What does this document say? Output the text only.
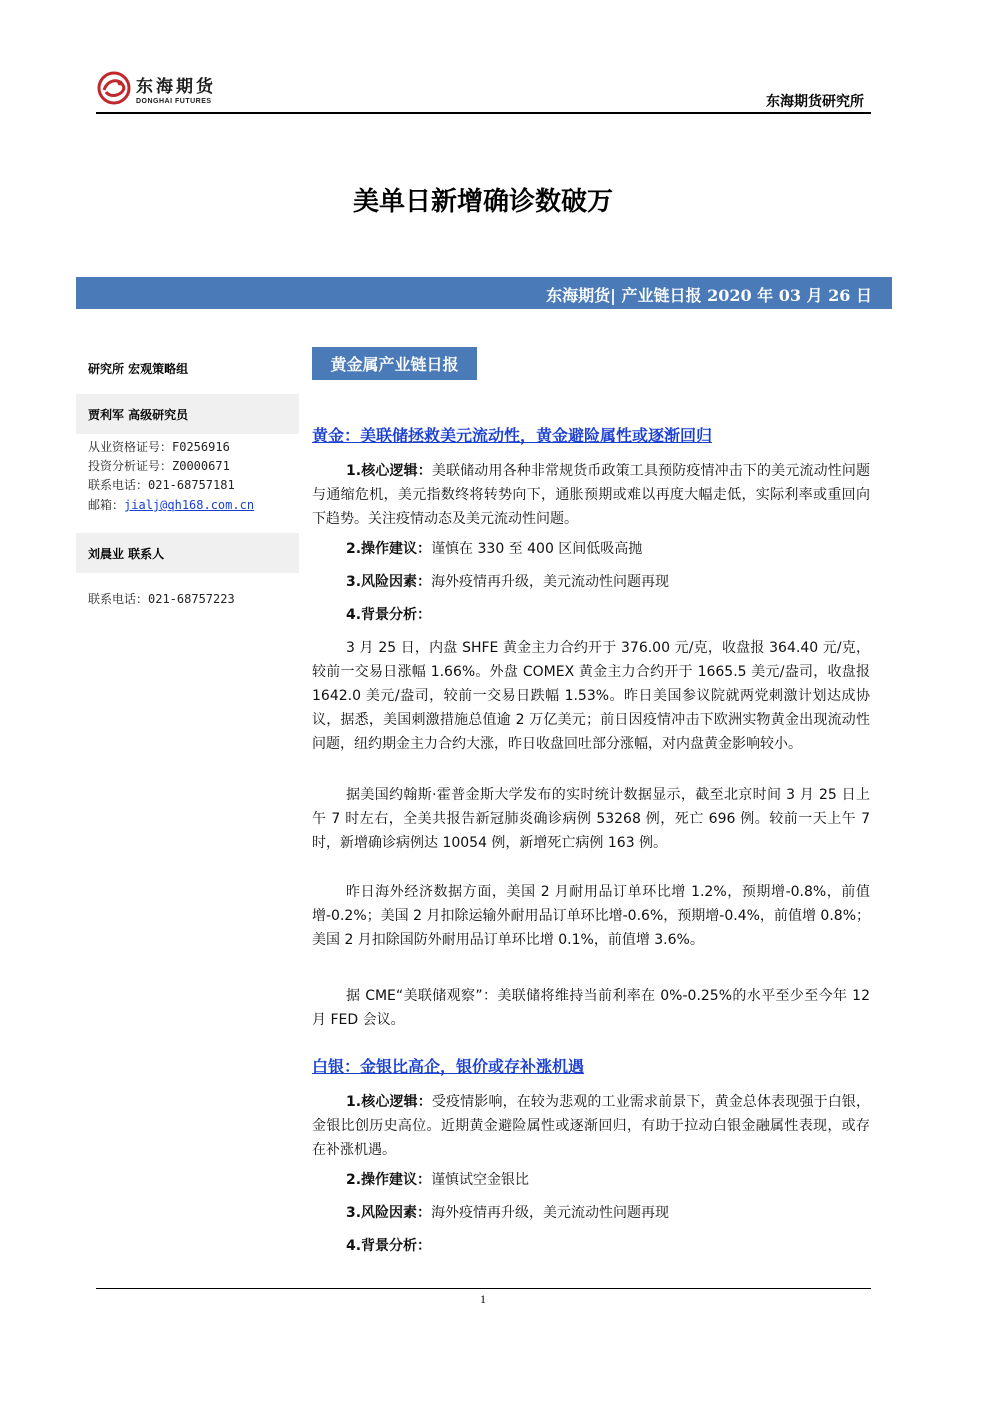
东海期货
DONGHAI FUTURES	东海期货研究所
美单日新增确诊数破万
东海期货| 产业链日报 2020 年 03 月 26 日
研究所 宏观策略组
贾利军 高级研究员
从业资格证号：F0256916
投资分析证号：Z0000671
联系电话：021-68757181
邮箱：jialj@qh168.com.cn
刘晨业 联系人
联系电话：021-68757223
黄金属产业链日报
黄金：美联储拯救美元流动性，黄金避险属性或逐渐回归
1.核心逻辑：美联储动用各种非常规货币政策工具预防疫情冲击下的美元流动性问题与通缩危机，美元指数终将转势向下，通胀预期或难以再度大幅走低，实际利率或重回向下趋势。关注疫情动态及美元流动性问题。
2.操作建议：谨慎在 330 至 400 区间低吸高抛
3.风险因素：海外疫情再升级，美元流动性问题再现
4.背景分析：
3 月 25 日，内盘 SHFE 黄金主力合约开于 376.00 元/克，收盘报 364.40 元/克，较前一交易日涨幅 1.66%。外盘 COMEX 黄金主力合约开于 1665.5 美元/盎司，收盘报 1642.0 美元/盎司，较前一交易日跌幅 1.53%。昨日美国参议院就两党刺激计划达成协议，据悉，美国刺激措施总值逾 2 万亿美元；前日因疫情冲击下欧洲实物黄金出现流动性问题，纽约期金主力合约大涨，昨日收盘回吐部分涨幅，对内盘黄金影响较小。
据美国约翰斯·霍普金斯大学发布的实时统计数据显示，截至北京时间 3 月 25 日上午 7 时左右，全美共报告新冠肺炎确诊病例 53268 例，死亡 696 例。较前一天上午 7 时，新增确诊病例达 10054 例，新增死亡病例 163 例。
昨日海外经济数据方面，美国 2 月耐用品订单环比增 1.2%，预期增-0.8%，前值增-0.2%；美国 2 月扣除运输外耐用品订单环比增-0.6%，预期增-0.4%，前值增 0.8%；美国 2 月扣除国防外耐用品订单环比增 0.1%，前值增 3.6%。
据 CME“美联储观察”：美联储将维持当前利率在 0%-0.25%的水平至少至今年 12 月 FED 会议。
白银：金银比高企，银价或存补涨机遇
1.核心逻辑：受疫情影响，在较为悲观的工业需求前景下，黄金总体表现强于白银，金银比创历史高位。近期黄金避险属性或逐渐回归，有助于拉动白银金融属性表现，或存在补涨机遇。
2.操作建议：谨慎试空金银比
3.风险因素：海外疫情再升级，美元流动性问题再现
4.背景分析：
1
